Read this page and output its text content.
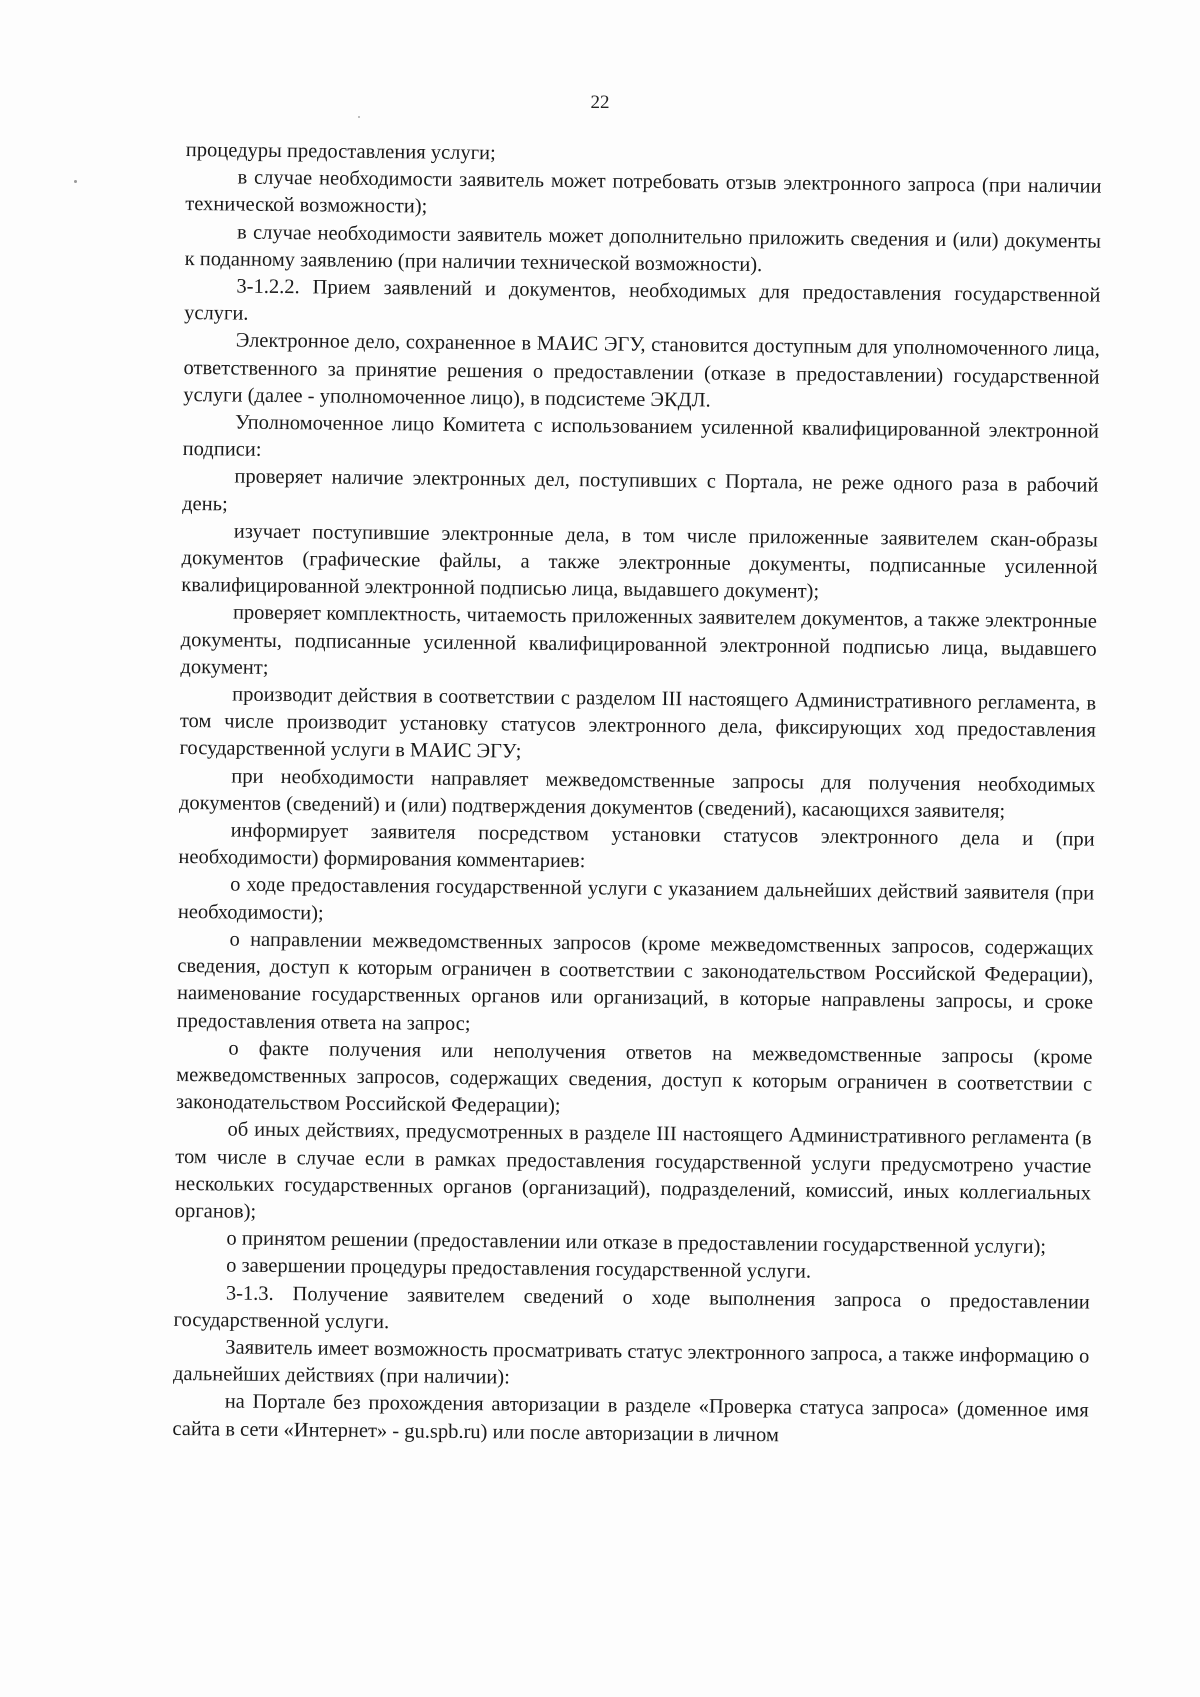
22

процедуры предоставления услуги;

в случае необходимости заявитель может потребовать отзыв электронного запроса (при наличии технической возможности);

в случае необходимости заявитель может дополнительно приложить сведения и (или) документы к поданному заявлению (при наличии технической возможности).

3-1.2.2. Прием заявлений и документов, необходимых для предоставления государственной услуги.

Электронное дело, сохраненное в МАИС ЭГУ, становится доступным для уполномоченного лица, ответственного за принятие решения о предоставлении (отказе в предоставлении) государственной услуги (далее - уполномоченное лицо), в подсистеме ЭКДЛ.

Уполномоченное лицо Комитета с использованием усиленной квалифицированной электронной подписи:

проверяет наличие электронных дел, поступивших с Портала, не реже одного раза в рабочий день;

изучает поступившие электронные дела, в том числе приложенные заявителем скан-образы документов (графические файлы, а также электронные документы, подписанные усиленной квалифицированной электронной подписью лица, выдавшего документ);

проверяет комплектность, читаемость приложенных заявителем документов, а также электронные документы, подписанные усиленной квалифицированной электронной подписью лица, выдавшего документ;

производит действия в соответствии с разделом III настоящего Административного регламента, в том числе производит установку статусов электронного дела, фиксирующих ход предоставления государственной услуги в МАИС ЭГУ;

при необходимости направляет межведомственные запросы для получения необходимых документов (сведений) и (или) подтверждения документов (сведений), касающихся заявителя;

информирует заявителя посредством установки статусов электронного дела и (при необходимости) формирования комментариев:

о ходе предоставления государственной услуги с указанием дальнейших действий заявителя (при необходимости);

о направлении межведомственных запросов (кроме межведомственных запросов, содержащих сведения, доступ к которым ограничен в соответствии с законодательством Российской Федерации), наименование государственных органов или организаций, в которые направлены запросы, и сроке предоставления ответа на запрос;

о факте получения или неполучения ответов на межведомственные запросы (кроме межведомственных запросов, содержащих сведения, доступ к которым ограничен в соответствии с законодательством Российской Федерации);

об иных действиях, предусмотренных в разделе III настоящего Административного регламента (в том числе в случае если в рамках предоставления государственной услуги предусмотрено участие нескольких государственных органов (организаций), подразделений, комиссий, иных коллегиальных органов);

о принятом решении (предоставлении или отказе в предоставлении государственной услуги);

о завершении процедуры предоставления государственной услуги.

3-1.3. Получение заявителем сведений о ходе выполнения запроса о предоставлении государственной услуги.

Заявитель имеет возможность просматривать статус электронного запроса, а также информацию о дальнейших действиях (при наличии):

на Портале без прохождения авторизации в разделе «Проверка статуса запроса» (доменное имя сайта в сети «Интернет» - gu.spb.ru) или после авторизации в личном
